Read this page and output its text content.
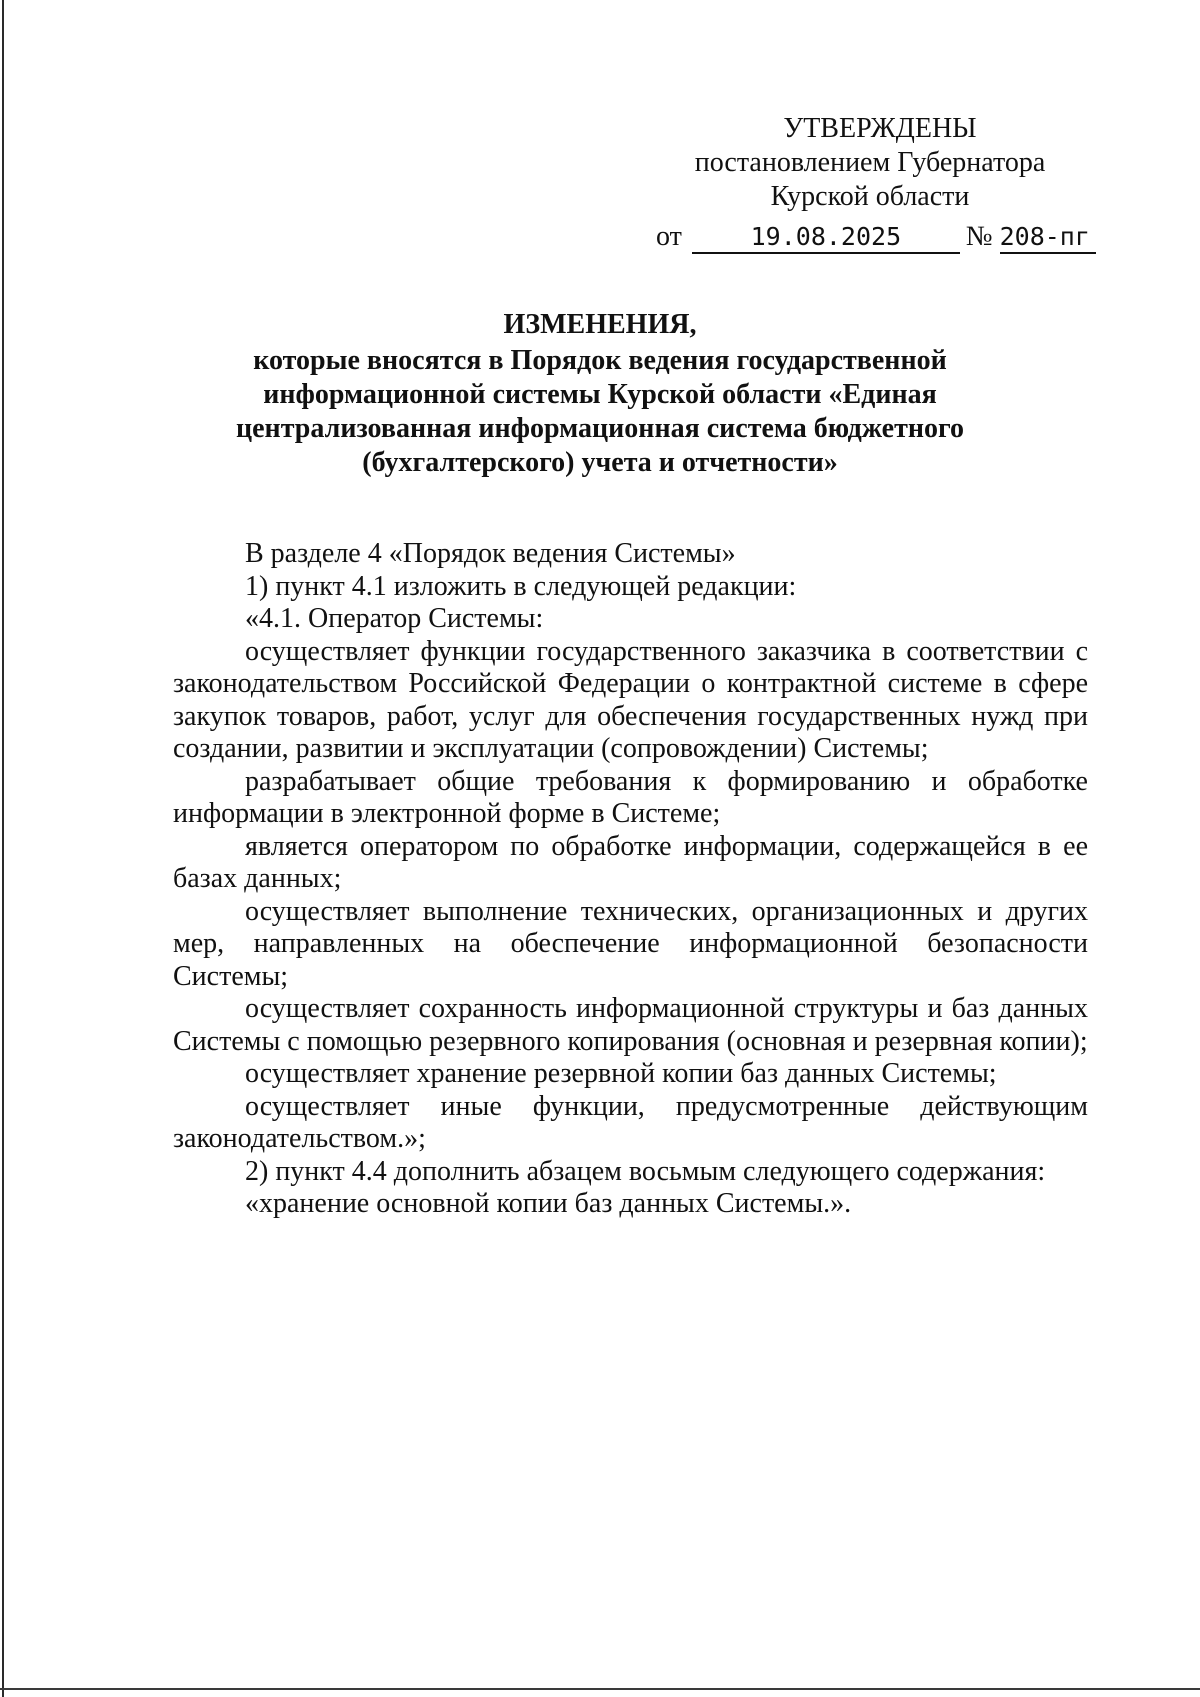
УТВЕРЖДЕНЫ
постановлением Губернатора
Курской области
от	19.08.2025 № 208-пг
ИЗМЕНЕНИЯ,
которые вносятся в Порядок ведения государственной информационной системы Курской области «Единая централизованная информационная система бюджетного (бухгалтерского) учета и отчетности»

В разделе 4 «Порядок ведения Системы»

1) пункт 4.1 изложить в следующей редакции:

«4.1. Оператор Системы:

осуществляет функции государственного заказчика в соответствии с законодательством Российской Федерации о контрактной системе в сфере закупок товаров, работ, услуг для обеспечения государственных нужд при создании, развитии и эксплуатации (сопровождении) Системы;

разрабатывает общие требования к формированию и обработке информации в электронной форме в Системе;

является оператором по обработке информации, содержащейся в ее базах данных;

осуществляет выполнение технических, организационных и других мер, направленных на обеспечение информационной безопасности Системы;

осуществляет сохранность информационной структуры и баз данных Системы с помощью резервного копирования (основная и резервная копии);

осуществляет хранение резервной копии баз данных Системы;

осуществляет иные функции, предусмотренные действующим законодательством.»;

2) пункт 4.4 дополнить абзацем восьмым следующего содержания:

«хранение основной копии баз данных Системы.».
